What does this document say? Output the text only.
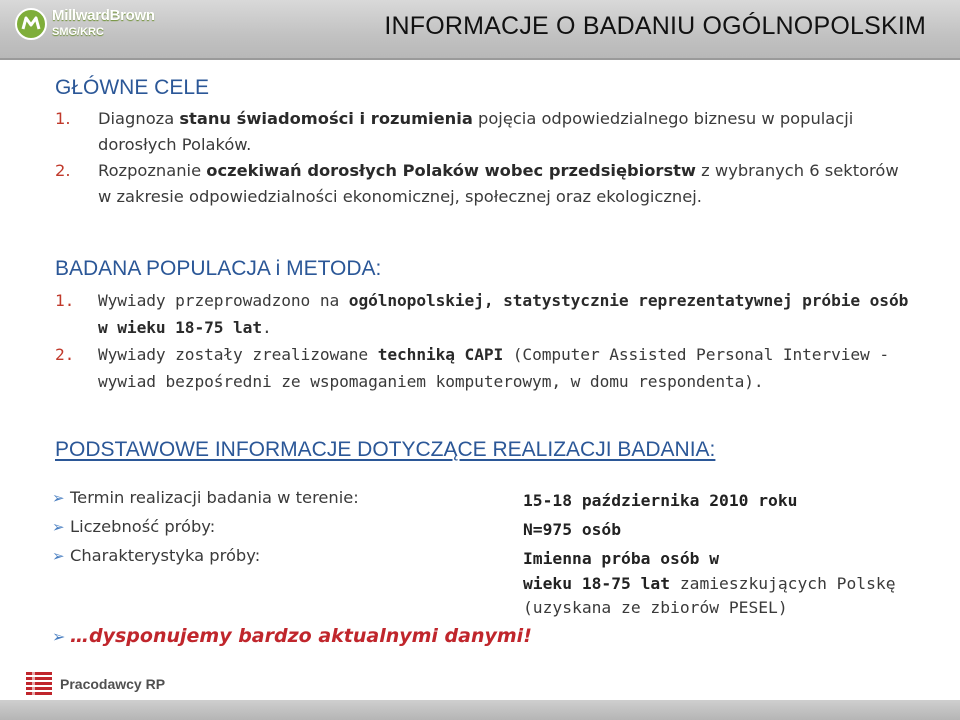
MillwardBrown
SMG/KRC	INFORMACJE O BADANIU OGÓLNOPOLSKIM
GŁÓWNE CELE
1.	Diagnoza stanu świadomości i rozumienia pojęcia odpowiedzialnego biznesu w populacji dorosłych Polaków.
2.	Rozpoznanie oczekiwań dorosłych Polaków wobec przedsiębiorstw z wybranych 6 sektorów w zakresie odpowiedzialności ekonomicznej, społecznej oraz ekologicznej.
BADANA POPULACJA i METODA:
1.	Wywiady przeprowadzono na ogólnopolskiej, statystycznie reprezentatywnej próbie osób w wieku 18-75 lat.
2.	Wywiady zostały zrealizowane techniką CAPI (Computer Assisted Personal Interview - wywiad bezpośredni ze wspomaganiem komputerowym, w domu respondenta).
PODSTAWOWE INFORMACJE DOTYCZĄCE REALIZACJI BADANIA:
➢ Termin realizacji badania w terenie:	15-18 października 2010 roku
➢ Liczebność próby:	N=975 osób
➢ Charakterystyka próby:	Imienna próba osób w
wieku 18-75 lat zamieszkujących Polskę
(uzyskana ze zbiorów PESEL)
➢ …dysponujemy bardzo aktualnymi danymi!
Pracodawcy RP
